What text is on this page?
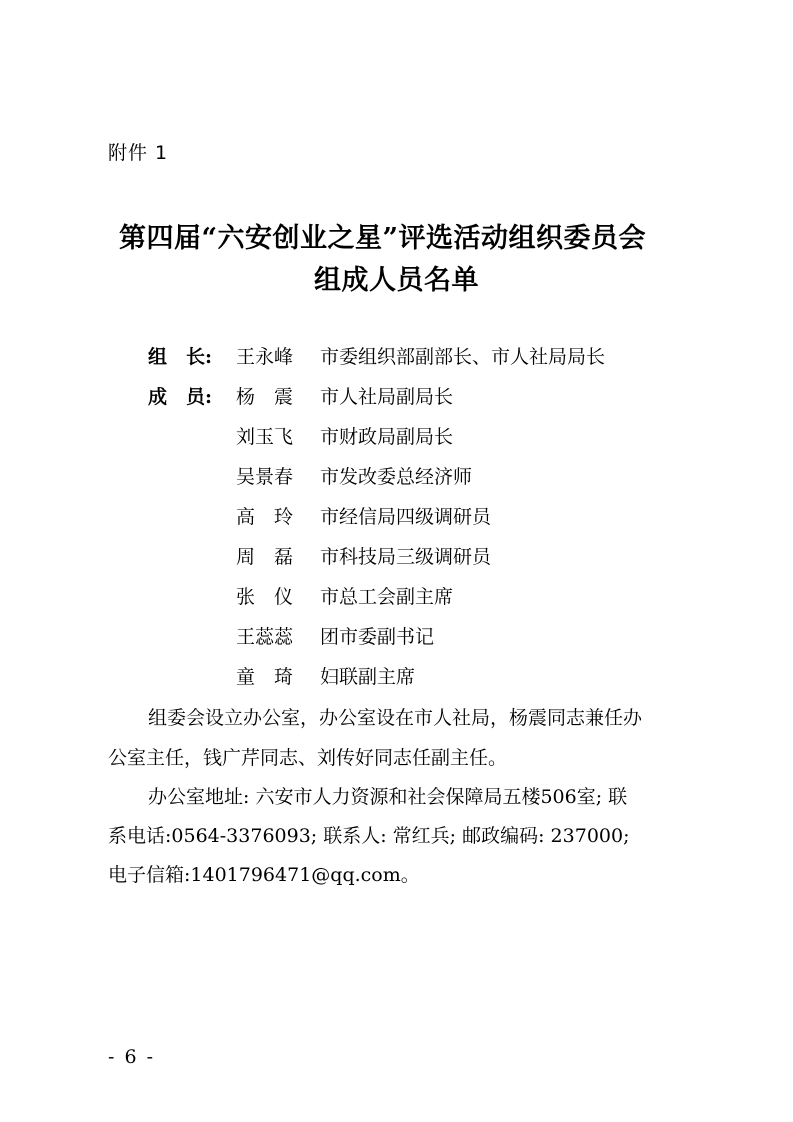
附件 1
第四届“六安创业之星”评选活动组织委员会
组成人员名单
组　长: 王永峰 市委组织部副部长、市人社局局长
成　员: 杨　震 市人社局副局长
刘玉飞 市财政局副局长
吴景春 市发改委总经济师
高　玲 市经信局四级调研员
周　磊 市科技局三级调研员
张　仪 市总工会副主席
王蕊蕊 团市委副书记
童　琦 妇联副主席
组委会设立办公室，办公室设在市人社局，杨震同志兼任办
公室主任，钱广芹同志、刘传好同志任副主任。
办公室地址: 六安市人力资源和社会保障局五楼506室; 联
系电话:0564-3376093; 联系人: 常红兵; 邮政编码: 237000;
电子信箱:1401796471@qq.com。
- 6 -
